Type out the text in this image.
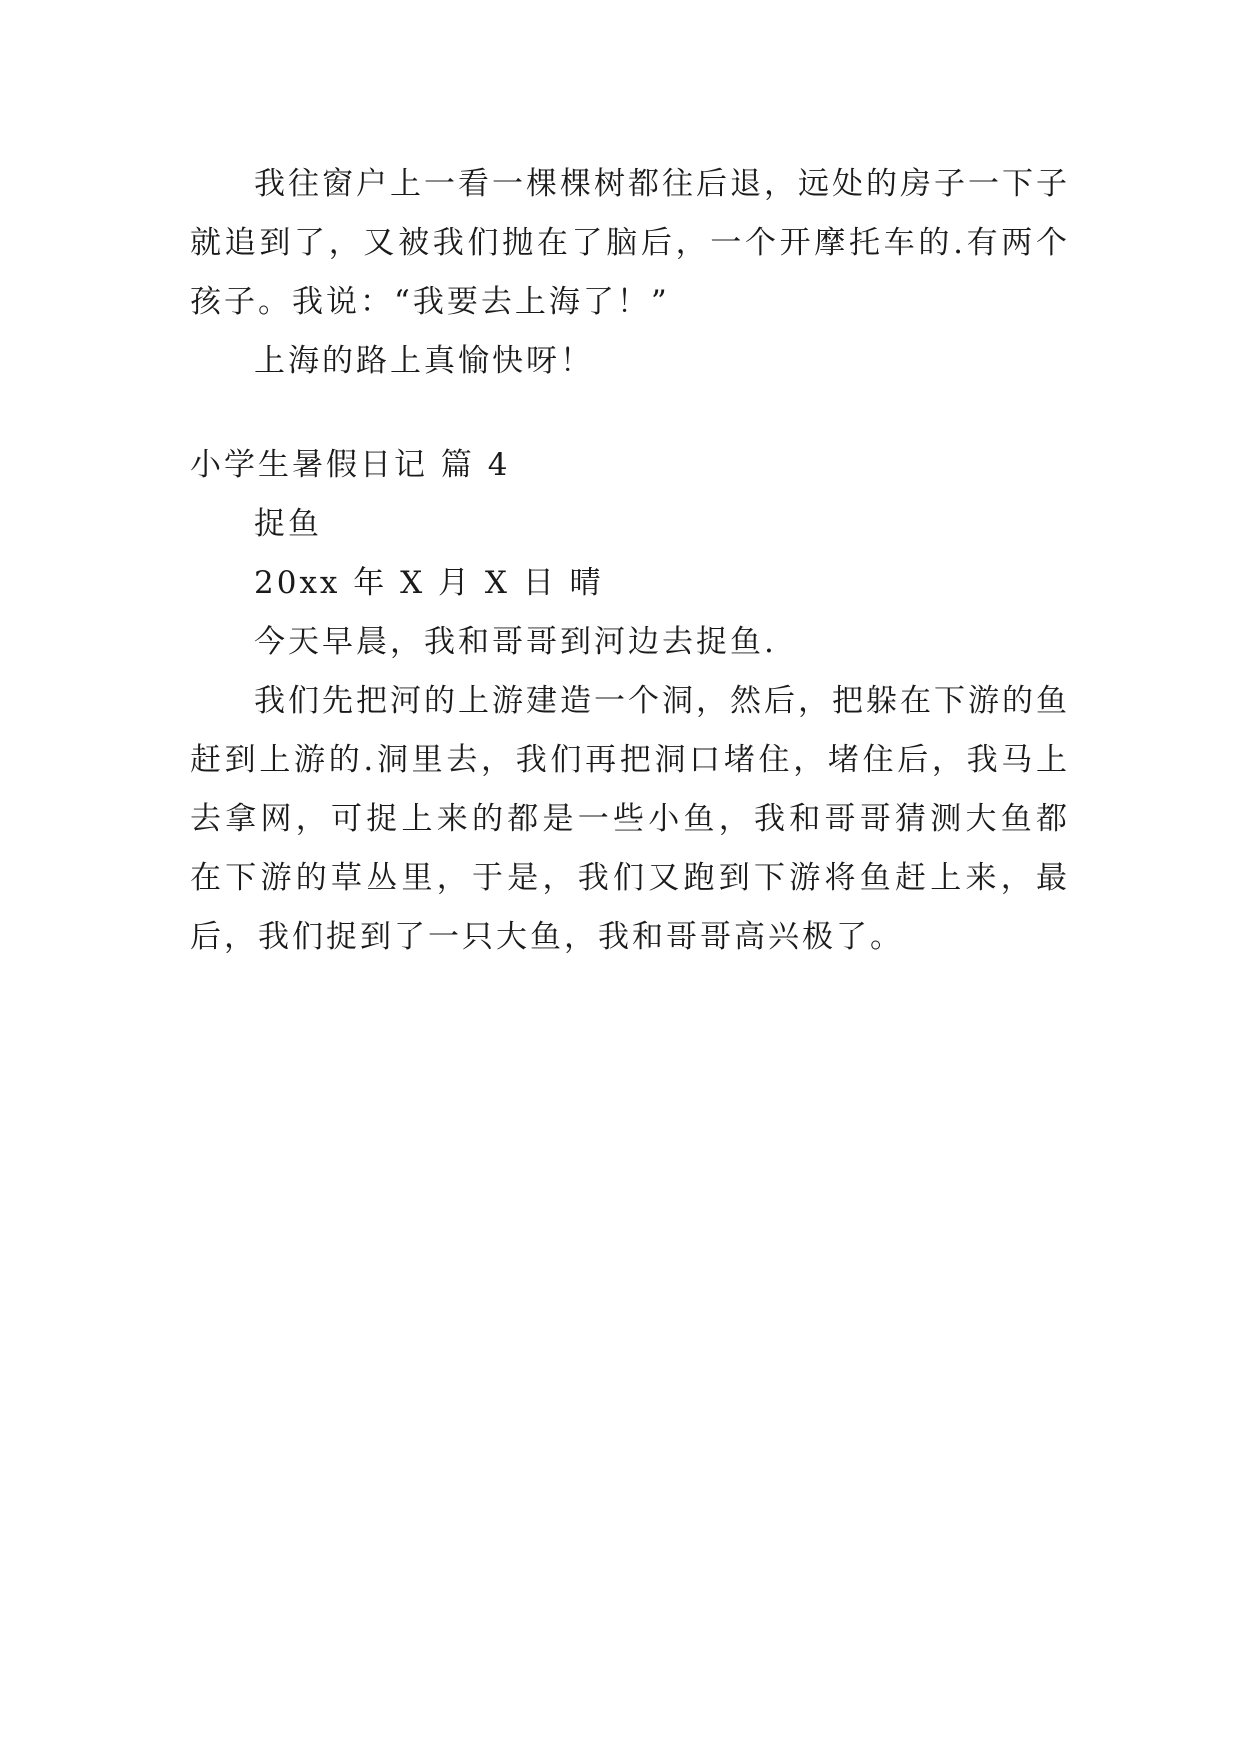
我往窗户上一看一棵棵树都往后退，远处的房子一下子就追到了，又被我们抛在了脑后，一个开摩托车的.有两个孩子。我说：“我要去上海了！”

上海的路上真愉快呀！

小学生暑假日记 篇 4

捉鱼

20xx 年 X 月 X 日 晴

今天早晨，我和哥哥到河边去捉鱼.

我们先把河的上游建造一个洞，然后，把躲在下游的鱼赶到上游的.洞里去，我们再把洞口堵住，堵住后，我马上去拿网，可捉上来的都是一些小鱼，我和哥哥猜测大鱼都在下游的草丛里，于是，我们又跑到下游将鱼赶上来，最后，我们捉到了一只大鱼，我和哥哥高兴极了。
